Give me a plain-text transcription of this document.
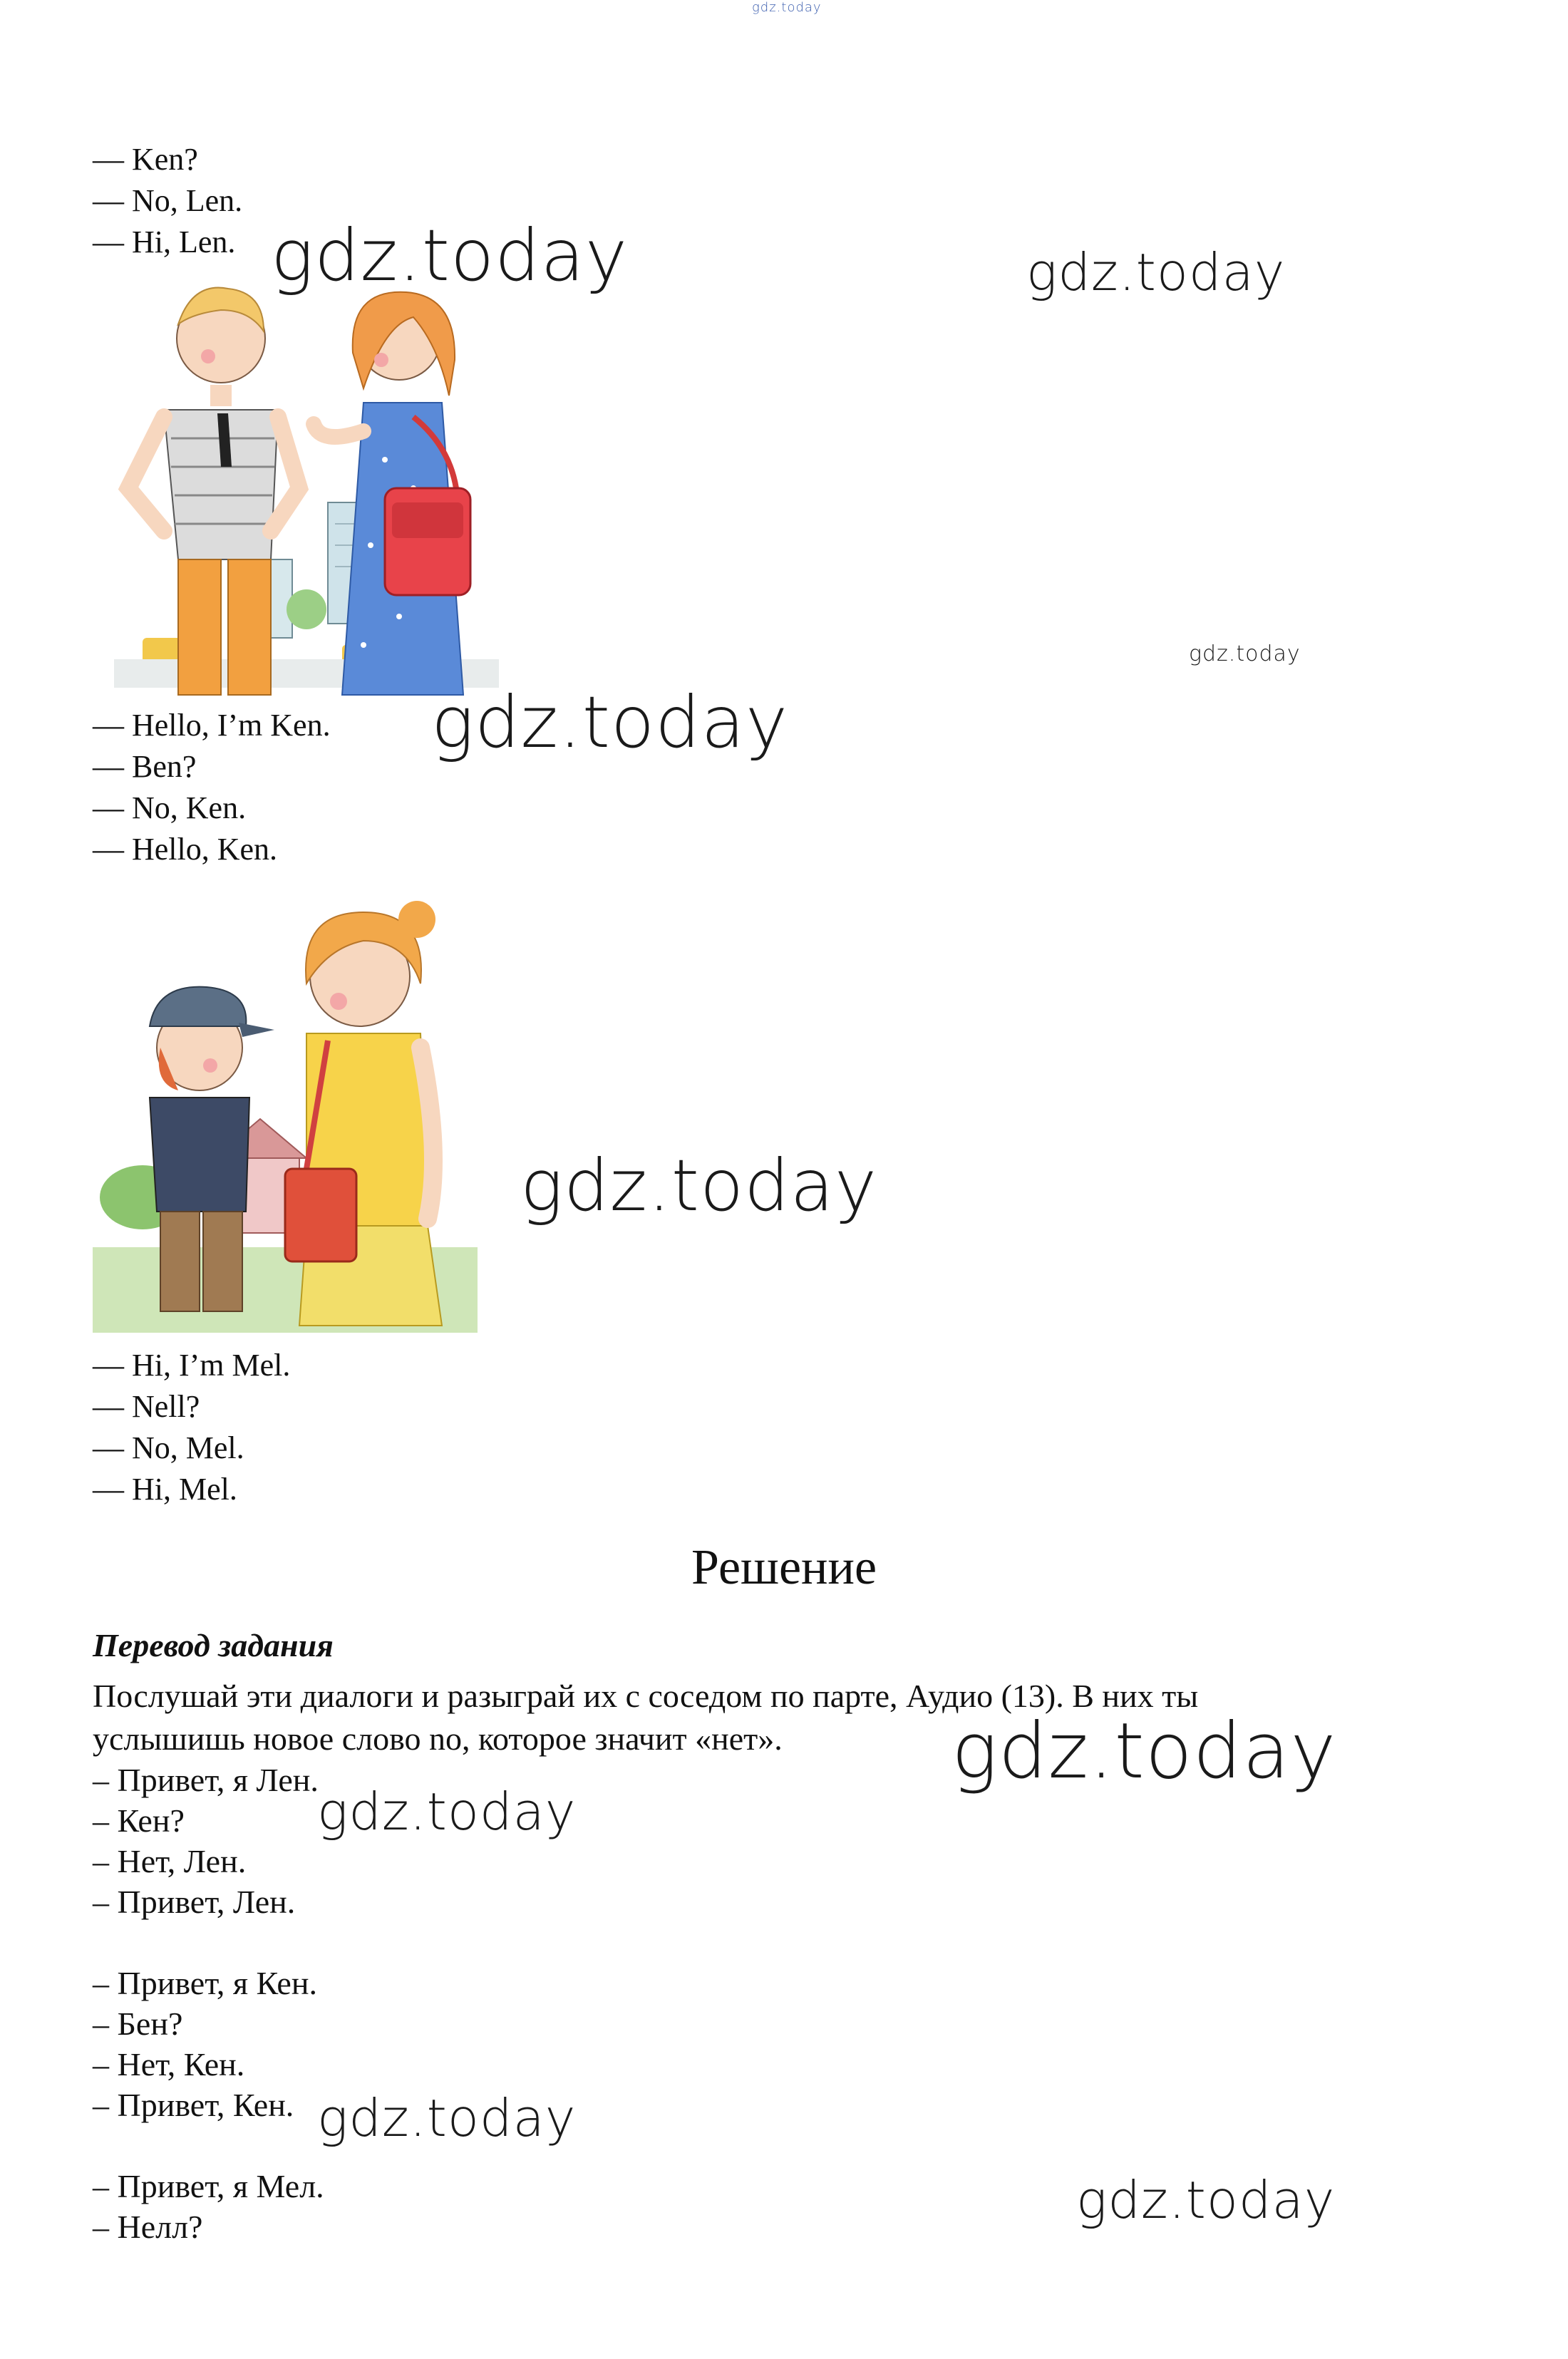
gdz.today
— Ken?
— No, Len.
— Hi, Len.
— Hello, I’m Ken.
— Ben?
— No, Ken.
— Hello, Ken.
— Hi, I’m Mel.
— Nell?
— No, Mel.
— Hi, Mel.
Решение
Перевод задания
Послушай эти диалоги и разыграй их с соседом по парте, Аудио (13). В них ты
услышишь новое слово no, которое значит «нет».
– Привет, я Лен.
– Кен?
– Нет, Лен.
– Привет, Лен.
– Привет, я Кен.
– Бен?
– Нет, Кен.
– Привет, Кен.
– Привет, я Мел.
– Нелл?
gdz.today	gdz.today
gdz.today
gdz.today
gdz.today
gdz.today
gdz.today
gdz.today
gdz.today
